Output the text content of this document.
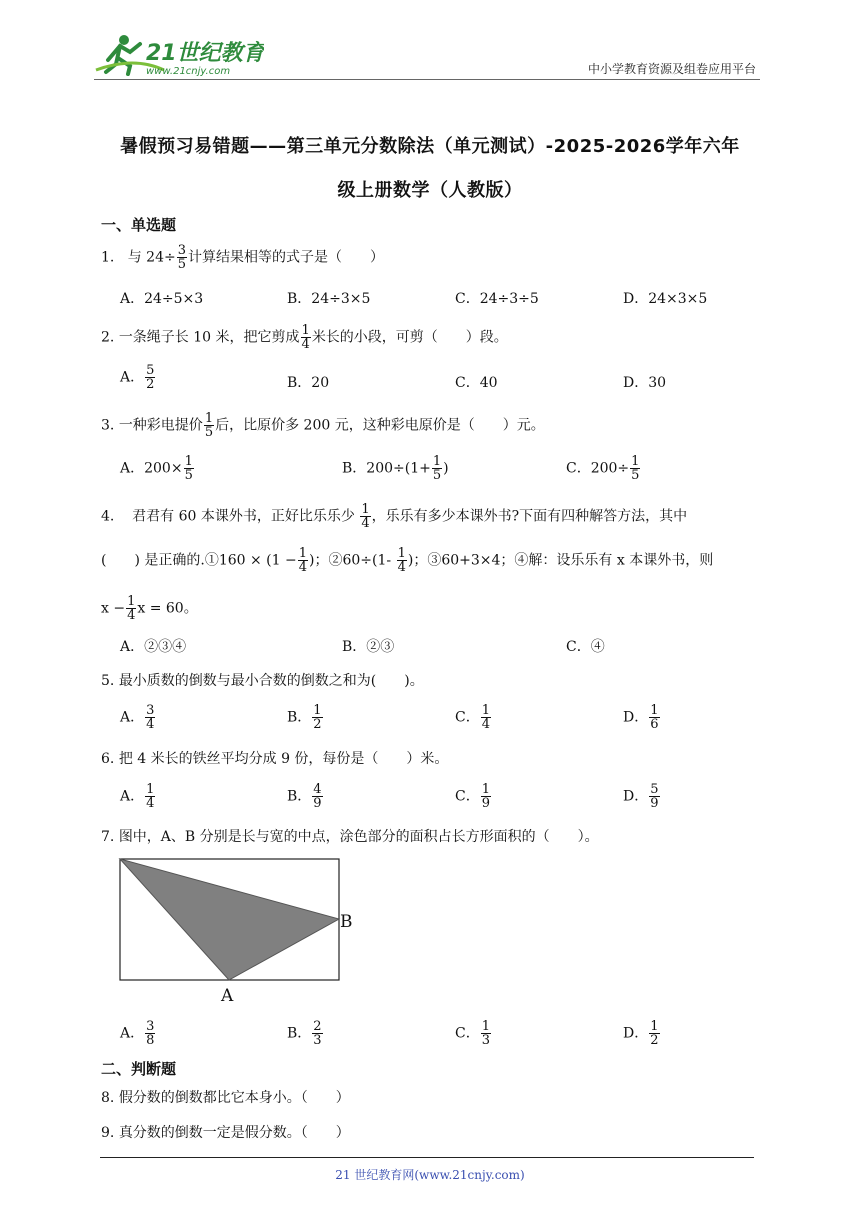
21世纪教育
www.21cnjy.com	中小学教育资源及组卷应用平台
暑假预习易错题——第三单元分数除法（单元测试）-2025-2026学年六年
级上册数学（人教版）
一、单选题
1. 与 $24\div \frac{3}{5}$ 计算结果相等的式子是（　　）
A．24÷5×3	B．24÷3×5	C．24÷3÷5	D．24×3×5
2. 一条绳子长 10 米，把它剪成 $\frac{1}{4}$ 米长的小段，可剪（　　）段。
A． $\frac{5}{2}$	B．20	C．40	D．30
3. 一种彩电提价 $\frac{1}{5}$ 后，比原价多 200 元，这种彩电原价是（　　）元。
A．$200\times \frac{1}{5}$	B．$200\div(1+ \frac{1}{5}$ )	C．$200\div \frac{1}{5}$
4. 君君有 60 本课外书，正好比乐乐少 $\frac{1}{4}$ ，乐乐有多少本课外书?下面有四种解答方法，其中
(　　) 是正确的.①160 × ($1 - \frac{1}{4}$ )；②60÷(1- $\frac{1}{4}$ )；③60+3×4；④解：设乐乐有 x 本课外书，则
$x - \frac{1}{4}$ x = 60。
A．②③④	B．②③	C．④
5. 最小质数的倒数与最小合数的倒数之和为(　　)。
A． $\frac{3}{4}$	B． $\frac{1}{2}$	C． $\frac{1}{4}$	D． $\frac{1}{6}$
6. 把 4 米长的铁丝平均分成 9 份，每份是（　　）米。
A． $\frac{1}{4}$	B． $\frac{4}{9}$	C． $\frac{1}{9}$	D． $\frac{5}{9}$
7. 图中，A、B 分别是长与宽的中点，涂色部分的面积占长方形面积的（　　）。
B
A
A． $\frac{3}{8}$	B． $\frac{2}{3}$	C． $\frac{1}{3}$	D． $\frac{1}{2}$
二、判断题
8. 假分数的倒数都比它本身小。（　　）
9. 真分数的倒数一定是假分数。（　　）
21 世纪教育网(www.21cnjy.com)
